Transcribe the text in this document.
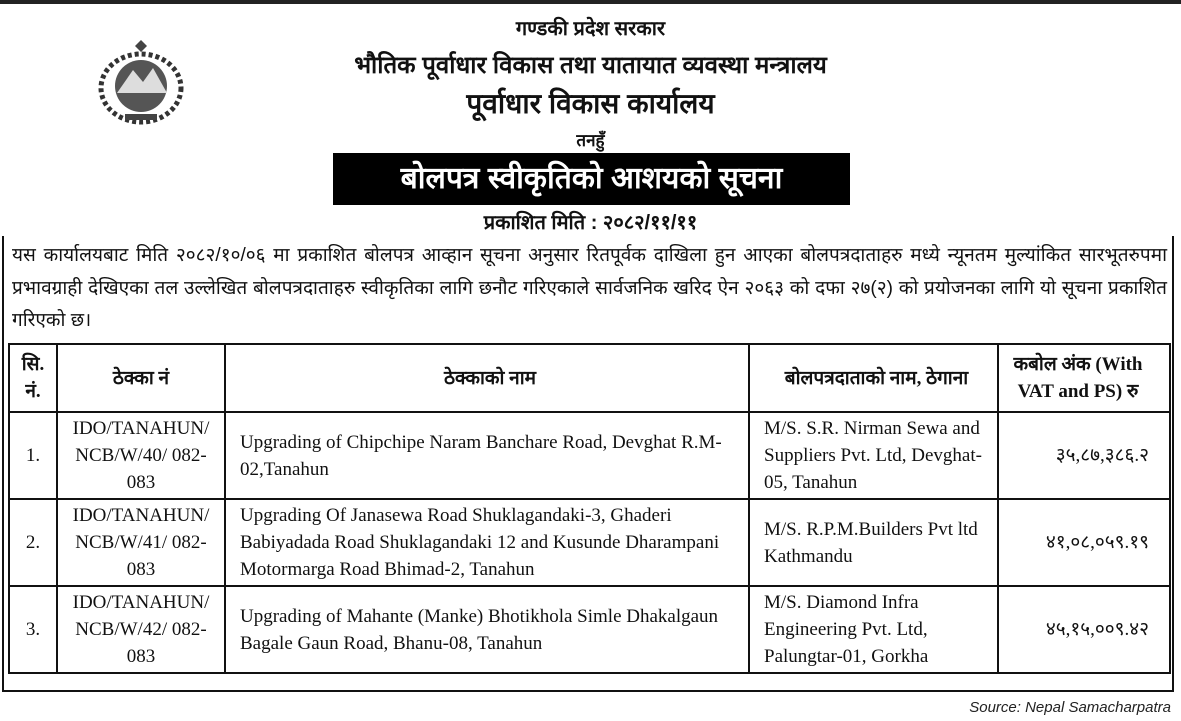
गण्डकी प्रदेश सरकार
भौतिक पूर्वाधार विकास तथा यातायात व्यवस्था मन्त्रालय
पूर्वाधार विकास कार्यालय
तनहुँ
बोलपत्र स्वीकृतिको आशयको सूचना
प्रकाशित मिति : २०८२/११/११
यस कार्यालयबाट मिति २०८२/१०/०६ मा प्रकाशित बोलपत्र आव्हान सूचना अनुसार रितपूर्वक दाखिला हुन आएका बोलपत्रदाताहरु मध्ये न्यूनतम मुल्यांकित सारभूतरुपमा प्रभावग्राही देखिएका तल उल्लेखित बोलपत्रदाताहरु स्वीकृतिका लागि छनौट गरिएकाले सार्वजनिक खरिद ऐन २०६३ को दफा २७(२) को प्रयोजनका लागि यो सूचना प्रकाशित गरिएको छ।
सि. नं.	ठेक्का नं	ठेक्काको नाम	बोलपत्रदाताको नाम, ठेगाना	कबोल अंक (With VAT and PS) रु
1.	IDO/TANAHUN/ NCB/W/40/ 082-083	Upgrading of Chipchipe Naram Banchare Road, Devghat R.M-02,Tanahun	M/S. S.R. Nirman Sewa and Suppliers Pvt. Ltd, Devghat-05, Tanahun	३५,८७,३८६.२
2.	IDO/TANAHUN/ NCB/W/41/ 082-083	Upgrading Of Janasewa Road Shuklagandaki-3, Ghaderi Babiyadada Road Shuklagandaki 12 and Kusunde Dharampani Motormarga Road Bhimad-2, Tanahun	M/S. R.P.M.Builders Pvt ltd Kathmandu	४१,०८,०५९.१९
3.	IDO/TANAHUN/ NCB/W/42/ 082-083	Upgrading of Mahante (Manke) Bhotikhola Simle Dhakalgaun Bagale Gaun Road, Bhanu-08, Tanahun	M/S. Diamond Infra Engineering Pvt. Ltd, Palungtar-01, Gorkha	४५,१५,००९.४२
Source: Nepal Samacharpatra
